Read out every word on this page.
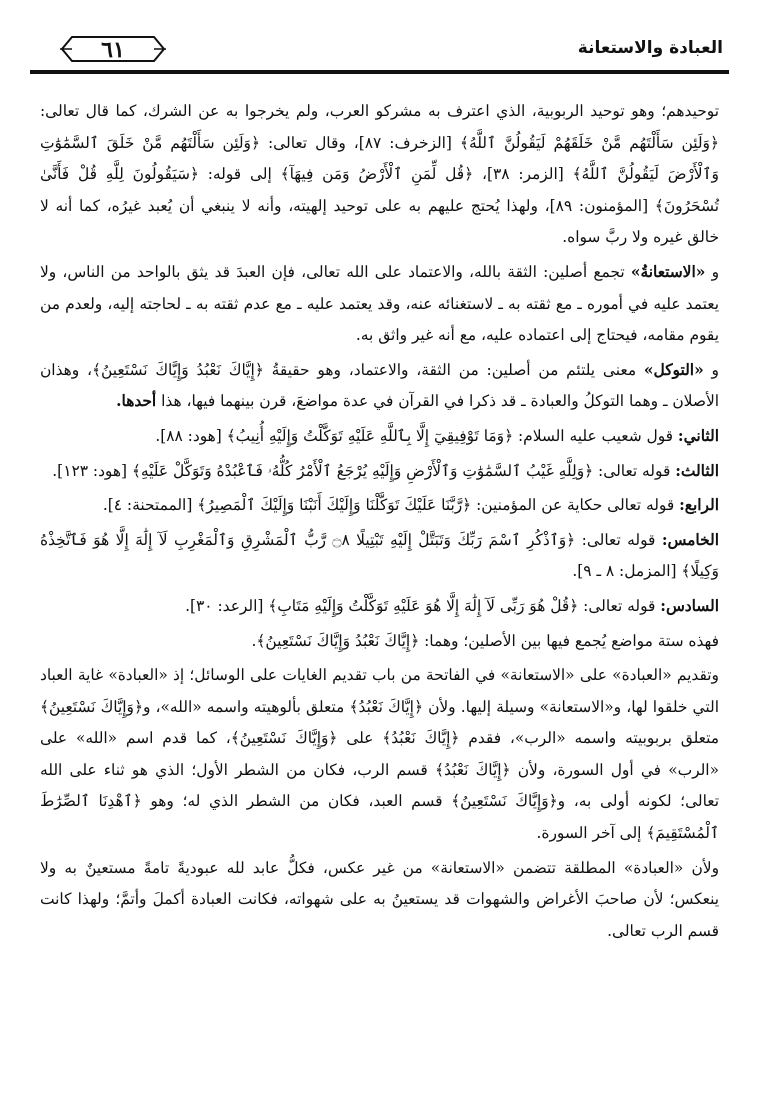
٦١	العبادة والاستعانة

توحيدهم؛ وهو توحيد الربوبية، الذي اعترف به مشركو العرب، ولم يخرجوا به عن الشرك، كما قال تعالى: ﴿وَلَئِن سَأَلْتَهُم مَّنْ خَلَقَهُمْ لَيَقُولُنَّ ٱللَّهُ﴾ [الزخرف: ٨٧]، وقال تعالى: ﴿وَلَئِن سَأَلْتَهُم مَّنْ خَلَقَ ٱلسَّمَٰوَٰتِ وَٱلْأَرْضَ لَيَقُولُنَّ ٱللَّهُ﴾ [الزمر: ٣٨]، ﴿قُل لِّمَنِ ٱلْأَرْضُ وَمَن فِيهَآ﴾ إلى قوله: ﴿سَيَقُولُونَ لِلَّهِ قُلْ فَأَنَّىٰ تُسْحَرُونَ﴾ [المؤمنون: ٨٩]، ولهذا يُحتج عليهم به على توحيد إلهيته، وأنه لا ينبغي أن يُعبد غيرُه، كما أنه لا خالق غيره ولا ربَّ سواه.

و «الاستعانةُ» تجمع أصلين: الثقة بالله، والاعتماد على الله تعالى، فإن العبدَ قد يثق بالواحد من الناس، ولا يعتمد عليه في أموره ـ مع ثقته به ـ لاستغنائه عنه، وقد يعتمد عليه ـ مع عدم ثقته به ـ لحاجته إليه، ولعدم من يقوم مقامه، فيحتاج إلى اعتماده عليه، مع أنه غير واثق به.

و «التوكل» معنى يلتئم من أصلين: من الثقة، والاعتماد، وهو حقيقةُ ﴿إِيَّاكَ نَعْبُدُ وَإِيَّاكَ نَسْتَعِينُ﴾، وهذان الأصلان ـ وهما التوكلُ والعبادة ـ قد ذكرا في القرآن في عدة مواضعَ، قرن بينهما فيها، هذا أحدها.

الثاني: قول شعيب عليه السلام: ﴿وَمَا تَوْفِيقِيٓ إِلَّا بِٱللَّهِ عَلَيْهِ تَوَكَّلْتُ وَإِلَيْهِ أُنِيبُ﴾ [هود: ٨٨].

الثالث: قوله تعالى: ﴿وَلِلَّهِ غَيْبُ ٱلسَّمَٰوَٰتِ وَٱلْأَرْضِ وَإِلَيْهِ يُرْجَعُ ٱلْأَمْرُ كُلُّهُۥ فَٱعْبُدْهُ وَتَوَكَّلْ عَلَيْهِ﴾ [هود: ١٢٣].

الرابع: قوله تعالى حكاية عن المؤمنين: ﴿رَّبَّنَا عَلَيْكَ تَوَكَّلْنَا وَإِلَيْكَ أَنَبْنَا وَإِلَيْكَ ٱلْمَصِيرُ﴾ [الممتحنة: ٤].

الخامس: قوله تعالى: ﴿وَٱذْكُرِ ٱسْمَ رَبِّكَ وَتَبَتَّلْ إِلَيْهِ تَبْتِيلًا ۝٨ رَّبُّ ٱلْمَشْرِقِ وَٱلْمَغْرِبِ لَآ إِلَٰهَ إِلَّا هُوَ فَٱتَّخِذْهُ وَكِيلًا﴾ [المزمل: ٨ ـ ٩].

السادس: قوله تعالى: ﴿قُلْ هُوَ رَبِّى لَآ إِلَٰهَ إِلَّا هُوَ عَلَيْهِ تَوَكَّلْتُ وَإِلَيْهِ مَتَابِ﴾ [الرعد: ٣٠].

فهذه ستة مواضع يُجمع فيها بين الأصلين؛ وهما: ﴿إِيَّاكَ نَعْبُدُ وَإِيَّاكَ نَسْتَعِينُ﴾.

وتقديم «العبادة» على «الاستعانة» في الفاتحة من باب تقديم الغايات على الوسائل؛ إذ «العبادة» غاية العباد التي خلقوا لها، و«الاستعانة» وسيلة إليها. ولأن ﴿إِيَّاكَ نَعْبُدُ﴾ متعلق بألوهيته واسمه «الله»، و﴿وَإِيَّاكَ نَسْتَعِينُ﴾ متعلق بربوبيته واسمه «الرب»، فقدم ﴿إِيَّاكَ نَعْبُدُ﴾ على ﴿وَإِيَّاكَ نَسْتَعِينُ﴾، كما قدم اسم «الله» على «الرب» في أول السورة، ولأن ﴿إِيَّاكَ نَعْبُدُ﴾ قسم الرب، فكان من الشطر الأول؛ الذي هو ثناء على الله تعالى؛ لكونه أولى به، و﴿وَإِيَّاكَ نَسْتَعِينُ﴾ قسم العبد، فكان من الشطر الذي له؛ وهو ﴿ٱهْدِنَا ٱلصِّرَٰطَ ٱلْمُسْتَقِيمَ﴾ إلى آخر السورة.

ولأن «العبادة» المطلقة تتضمن «الاستعانة» من غير عكس، فكلُّ عابد لله عبوديةً تامةً مستعينٌ به ولا ينعكس؛ لأن صاحبَ الأغراض والشهوات قد يستعينُ به على شهواته، فكانت العبادة أكملَ وأتمَّ؛ ولهذا كانت قسم الرب تعالى.
